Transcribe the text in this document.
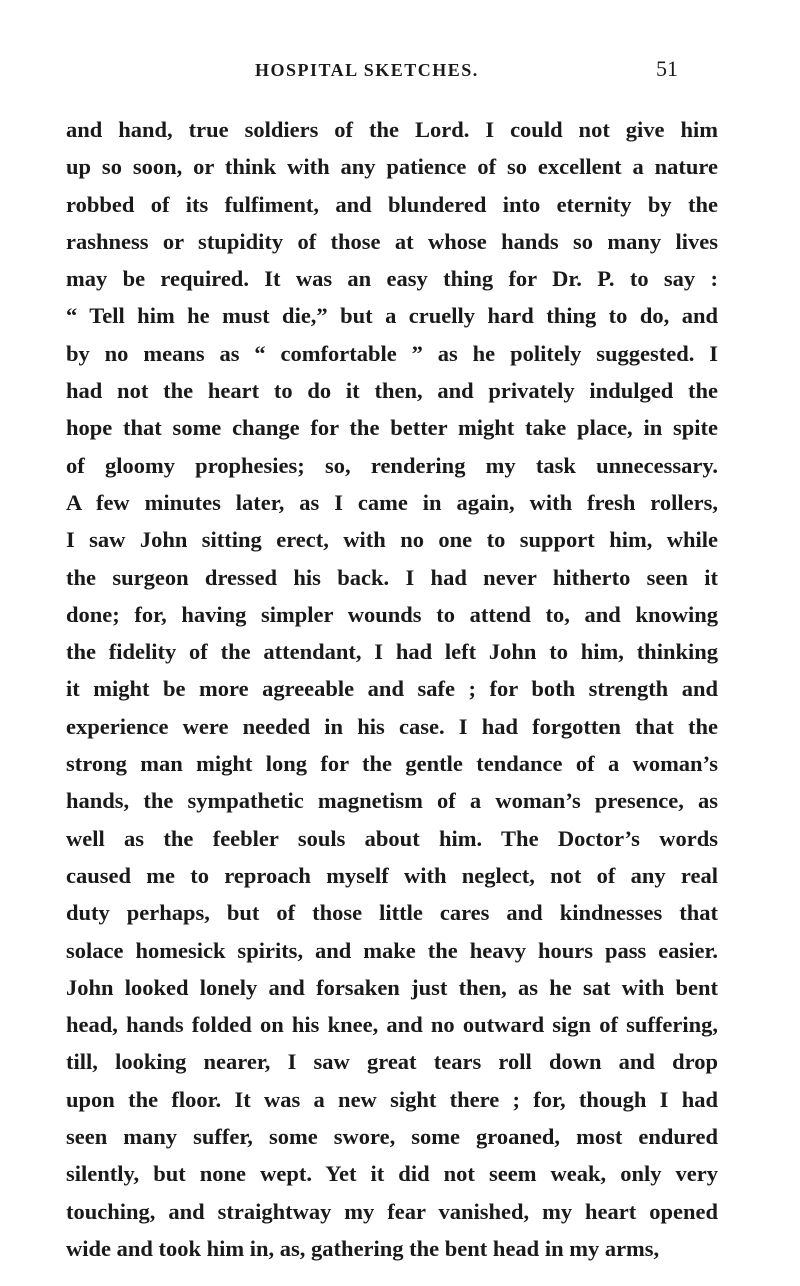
HOSPITAL SKETCHES.	51
and hand, true soldiers of the Lord. I could not give him
up so soon, or think with any patience of so excellent a nature
robbed of its fulfiment, and blundered into eternity by the
rashness or stupidity of those at whose hands so many lives
may be required. It was an easy thing for Dr. P. to say :
“ Tell him he must die,” but a cruelly hard thing to do, and
by no means as “ comfortable ” as he politely suggested. I
had not the heart to do it then, and privately indulged the
hope that some change for the better might take place, in spite
of gloomy prophesies; so, rendering my task unnecessary.
A few minutes later, as I came in again, with fresh rollers,
I saw John sitting erect, with no one to support him, while
the surgeon dressed his back. I had never hitherto seen it
done; for, having simpler wounds to attend to, and knowing
the fidelity of the attendant, I had left John to him, thinking
it might be more agreeable and safe ; for both strength and
experience were needed in his case. I had forgotten that the
strong man might long for the gentle tendance of a woman’s
hands, the sympathetic magnetism of a woman’s presence, as
well as the feebler souls about him. The Doctor’s words
caused me to reproach myself with neglect, not of any real
duty perhaps, but of those little cares and kindnesses that
solace homesick spirits, and make the heavy hours pass easier.
John looked lonely and forsaken just then, as he sat with bent
head, hands folded on his knee, and no outward sign of suffering,
till, looking nearer, I saw great tears roll down and drop
upon the floor. It was a new sight there ; for, though I had
seen many suffer, some swore, some groaned, most endured
silently, but none wept. Yet it did not seem weak, only very
touching, and straightway my fear vanished, my heart opened
wide and took him in, as, gathering the bent head in my arms,
